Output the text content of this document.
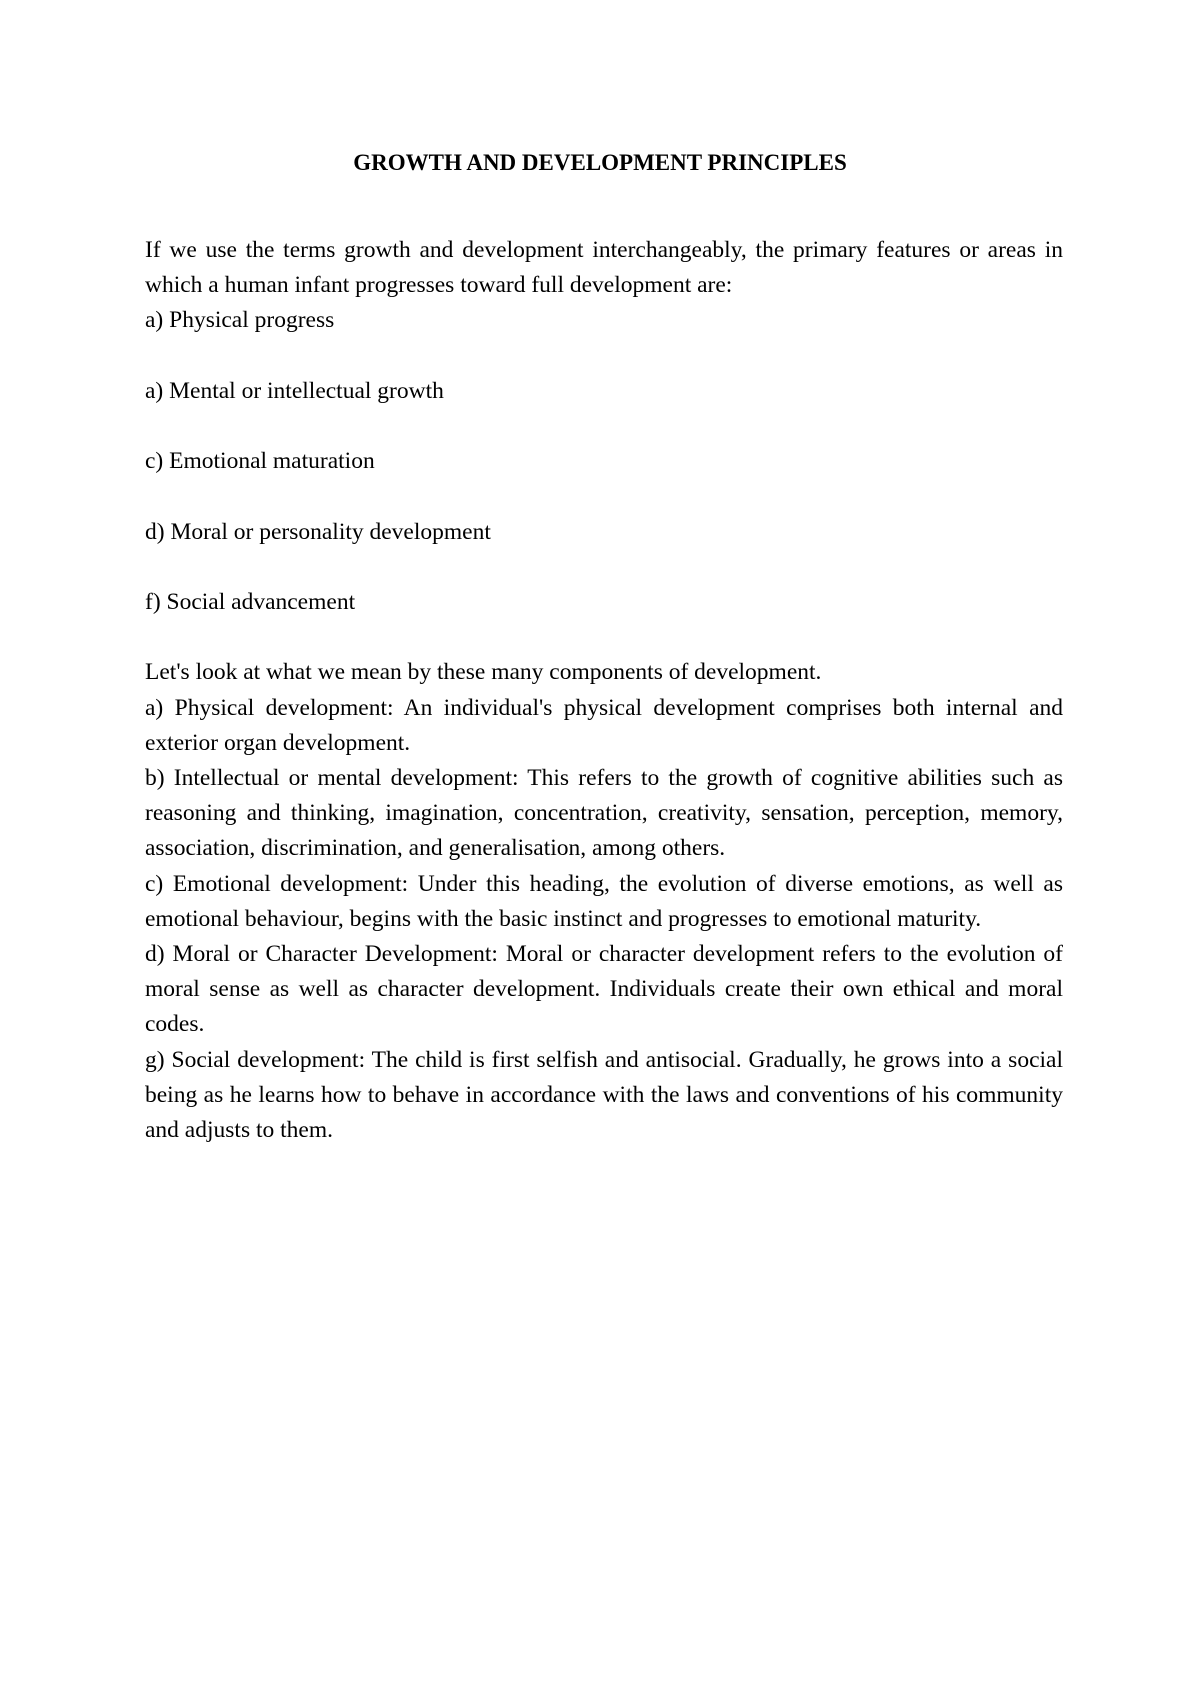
GROWTH AND DEVELOPMENT PRINCIPLES

If we use the terms growth and development interchangeably, the primary features or areas in which a human infant progresses toward full development are:

a) Physical progress

a) Mental or intellectual growth

c) Emotional maturation

d) Moral or personality development

f) Social advancement

Let's look at what we mean by these many components of development.

a) Physical development: An individual's physical development comprises both internal and exterior organ development.

b) Intellectual or mental development: This refers to the growth of cognitive abilities such as reasoning and thinking, imagination, concentration, creativity, sensation, perception, memory, association, discrimination, and generalisation, among others.

c) Emotional development: Under this heading, the evolution of diverse emotions, as well as emotional behaviour, begins with the basic instinct and progresses to emotional maturity.

d) Moral or Character Development: Moral or character development refers to the evolution of moral sense as well as character development. Individuals create their own ethical and moral codes.

g) Social development: The child is first selfish and antisocial. Gradually, he grows into a social being as he learns how to behave in accordance with the laws and conventions of his community and adjusts to them.
